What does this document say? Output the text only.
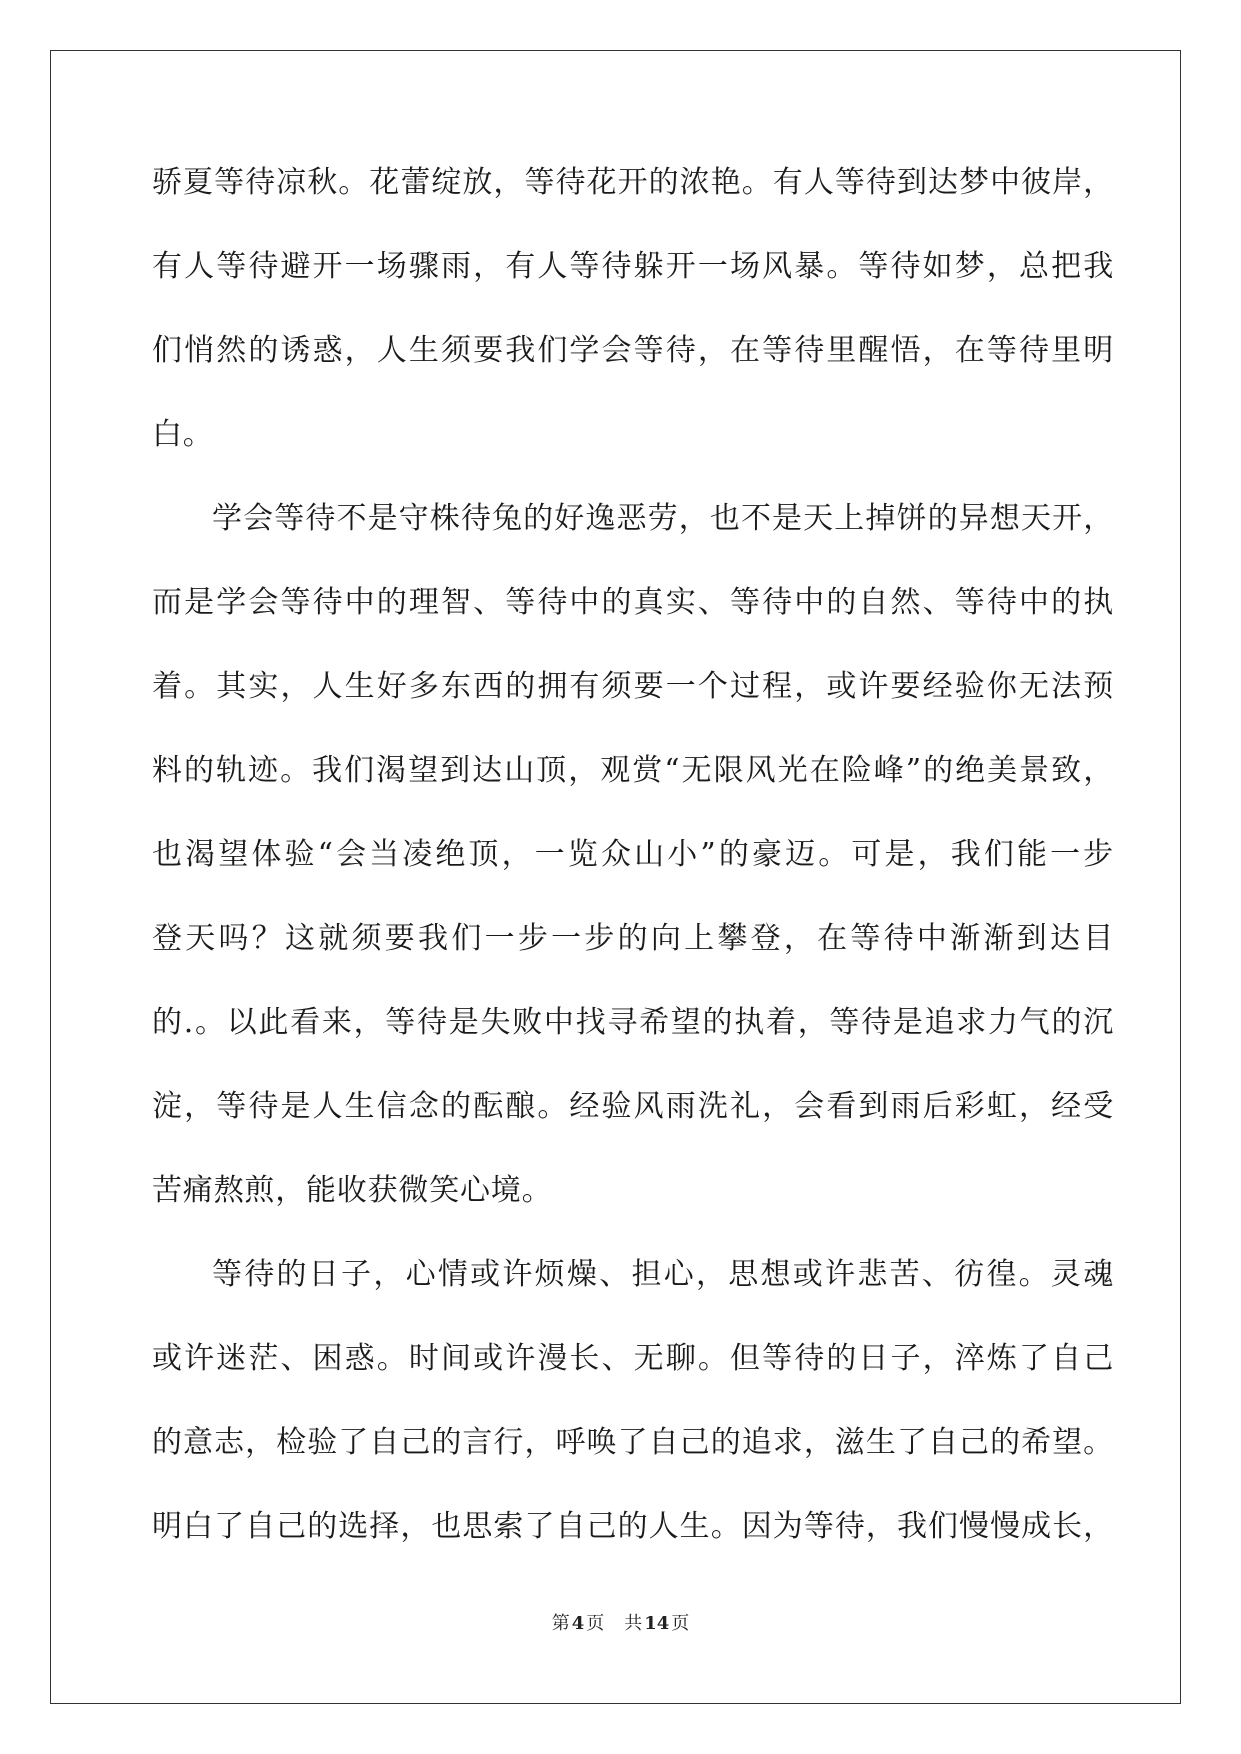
骄夏等待凉秋。花蕾绽放，等待花开的浓艳。有人等待到达梦中彼岸，
有人等待避开一场骤雨，有人等待躲开一场风暴。等待如梦，总把我
们悄然的诱惑，人生须要我们学会等待，在等待里醒悟，在等待里明
白。
学会等待不是守株待兔的好逸恶劳，也不是天上掉饼的异想天开，
而是学会等待中的理智、等待中的真实、等待中的自然、等待中的执
着。其实，人生好多东西的拥有须要一个过程，或许要经验你无法预
料的轨迹。我们渴望到达山顶，观赏“无限风光在险峰”的绝美景致，
也渴望体验“会当凌绝顶，一览众山小”的豪迈。可是，我们能一步
登天吗？这就须要我们一步一步的向上攀登，在等待中渐渐到达目
的.。以此看来，等待是失败中找寻希望的执着，等待是追求力气的沉
淀，等待是人生信念的酝酿。经验风雨洗礼，会看到雨后彩虹，经受
苦痛熬煎，能收获微笑心境。
等待的日子，心情或许烦燥、担心，思想或许悲苦、彷徨。灵魂
或许迷茫、困惑。时间或许漫长、无聊。但等待的日子，淬炼了自己
的意志，检验了自己的言行，呼唤了自己的追求，滋生了自己的希望。
明白了自己的选择，也思索了自己的人生。因为等待，我们慢慢成长，
第 4 页 共 14 页
